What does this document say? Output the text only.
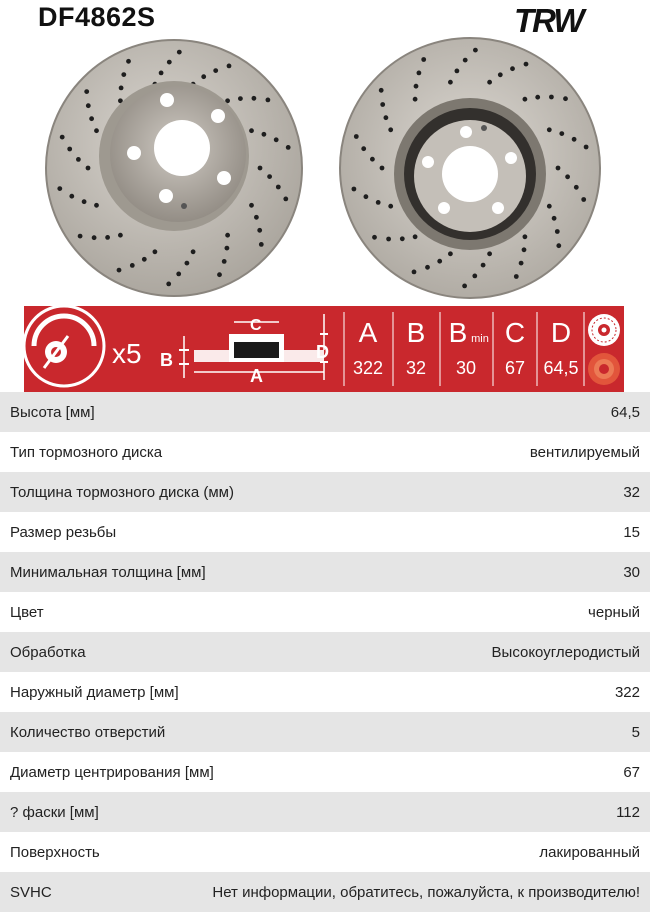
DF4862S	TRW
x5 B
A
C
D
A B B min C D
322 32 30 67 64,5
Высота [мм]	64,5
Тип тормозного диска	вентилируемый
Толщина тормозного диска (мм)	32
Размер резьбы	15
Минимальная толщина [мм]	30
Цвет	черный
Обработка	Высокоуглеродистый
Наружный диаметр [мм]	322
Количество отверстий	5
Диаметр центрирования [мм]	67
? фаски [мм]	112
Поверхность	лакированный
SVHC	Нет информации, обратитесь, пожалуйста, к производителю!
